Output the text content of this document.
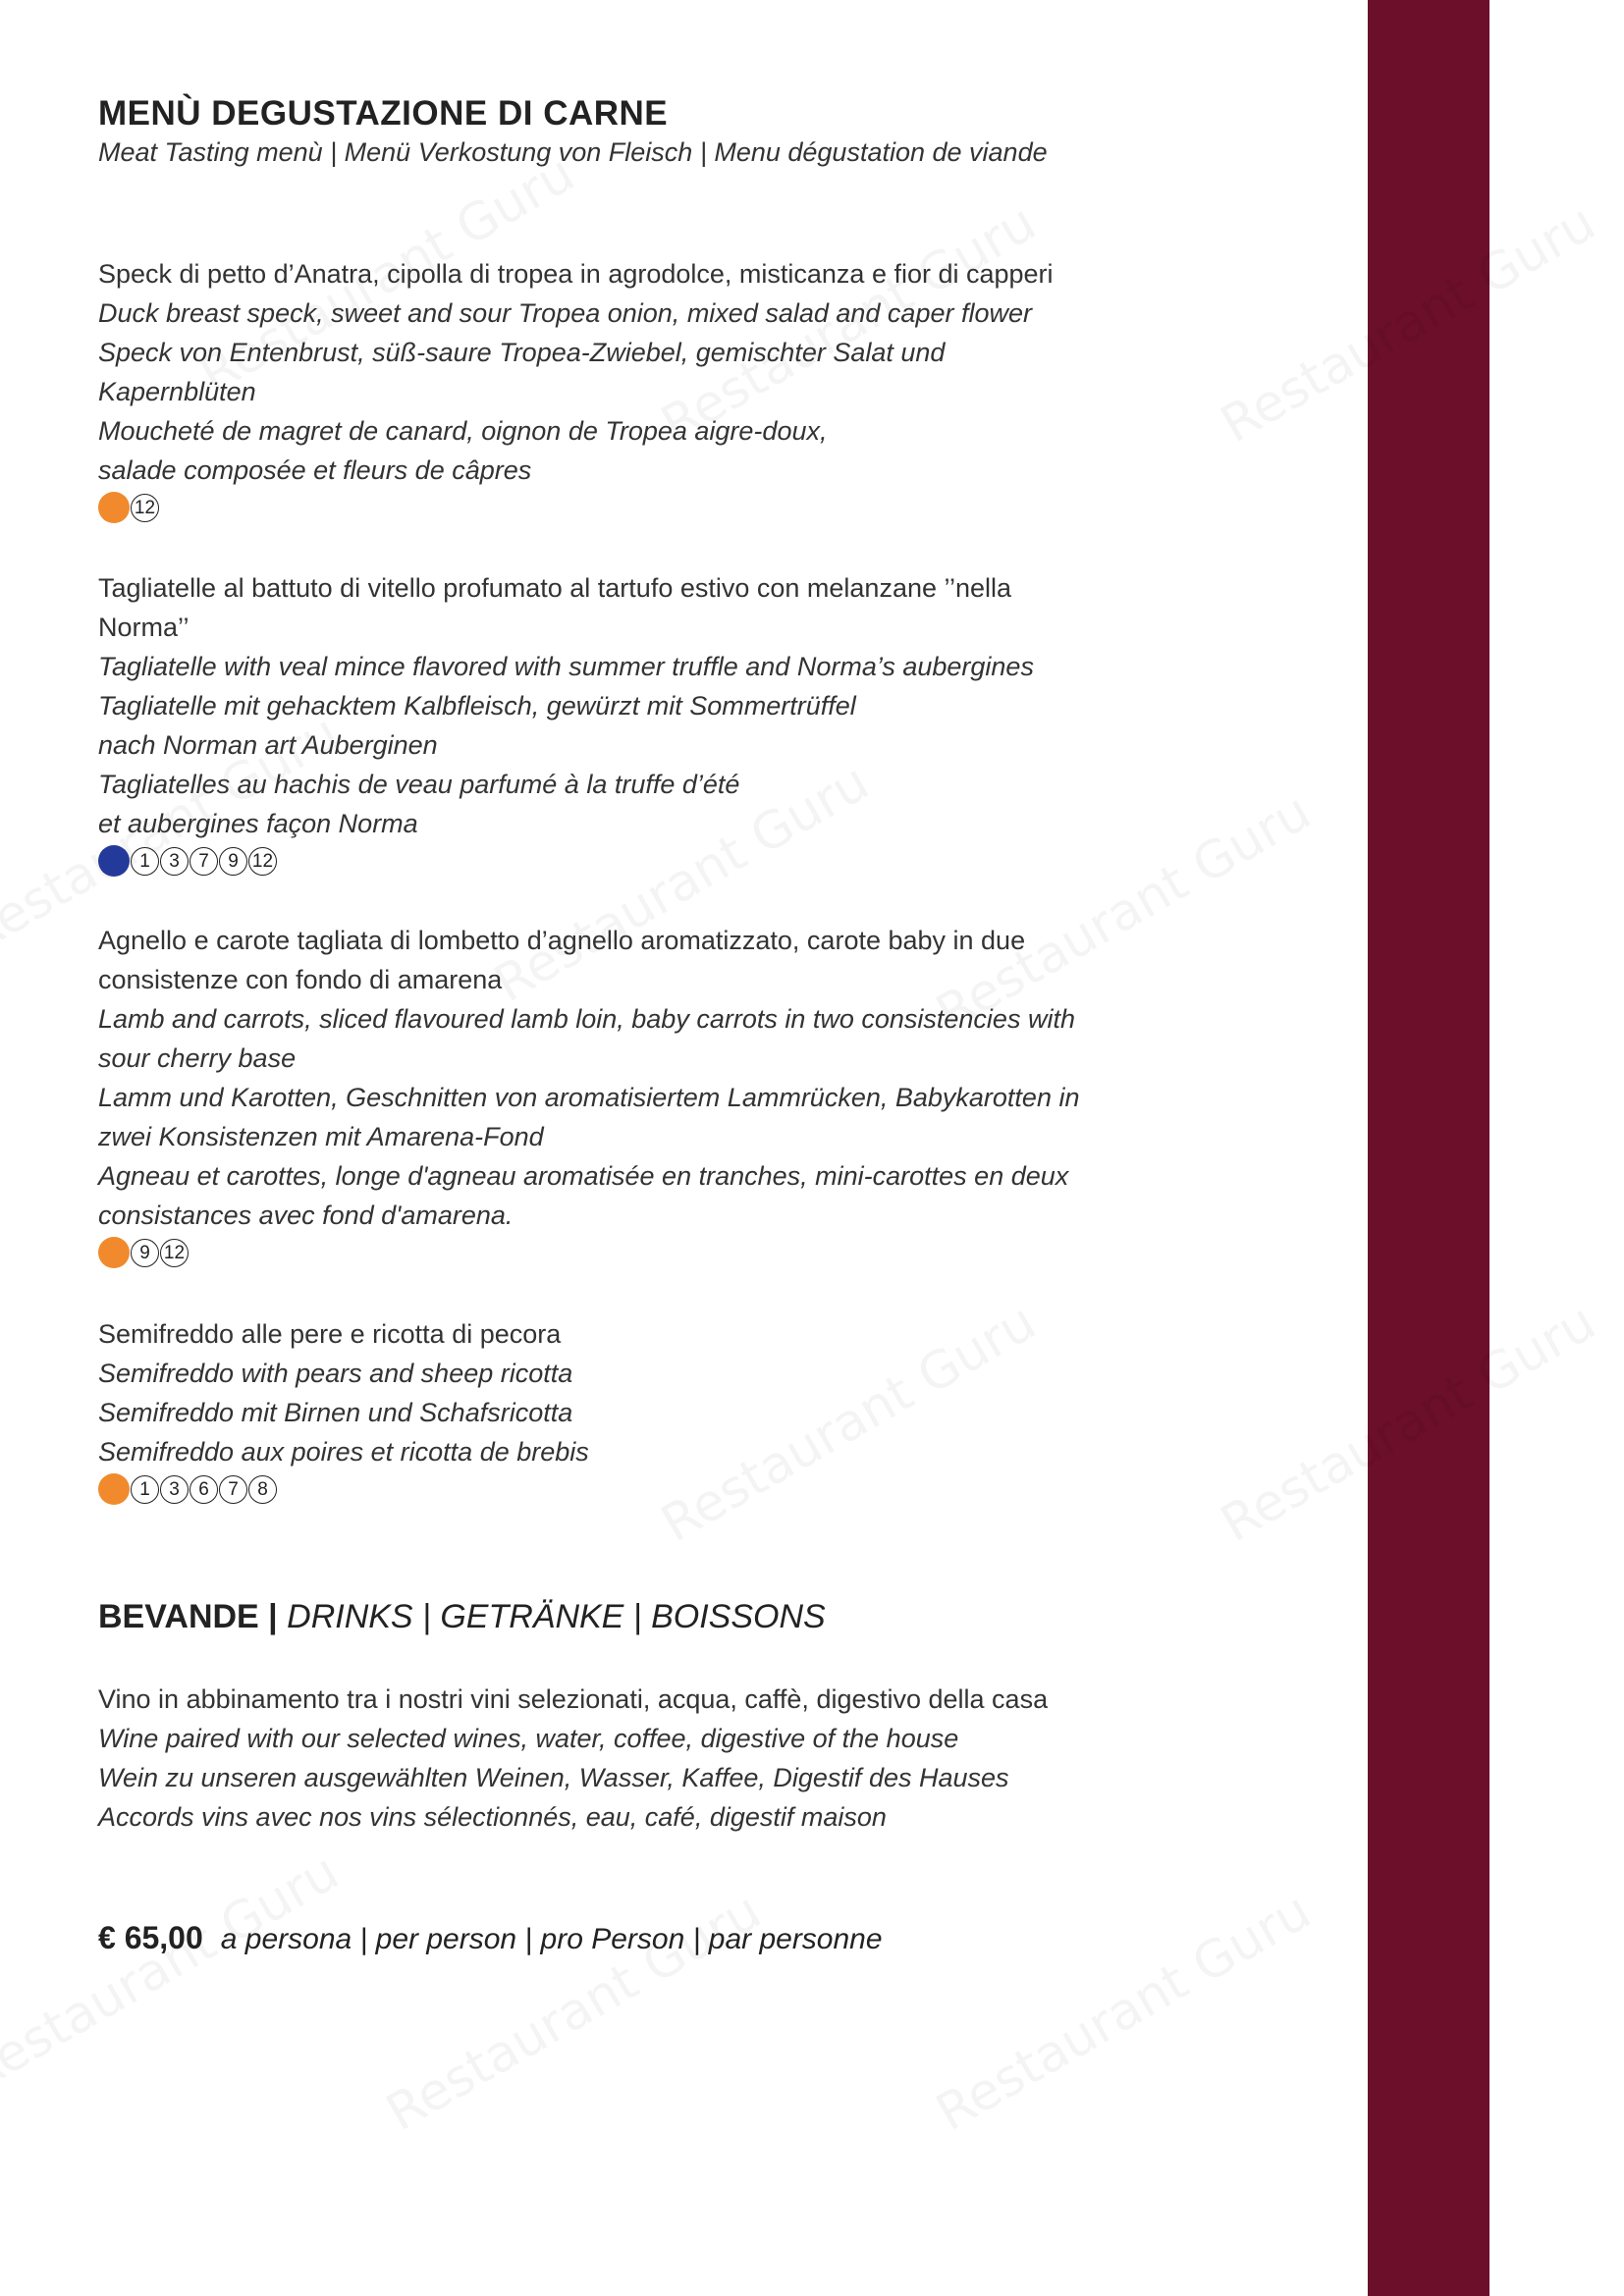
MENÙ DEGUSTAZIONE DI CARNE
Meat Tasting menù | Menü Verkostung von Fleisch | Menu dégustation de viande
Speck di petto d’Anatra, cipolla di tropea in agrodolce, misticanza e fior di capperi
Duck breast speck, sweet and sour Tropea onion, mixed salad and caper flower
Speck von Entenbrust, süß-saure Tropea-Zwiebel, gemischter Salat und
Kapernblüten
Moucheté de magret de canard, oignon de Tropea aigre-doux,
salade composée et fleurs de câpres
12
Tagliatelle al battuto di vitello profumato al tartufo estivo con melanzane ’’nella
Norma’’
Tagliatelle with veal mince flavored with summer truffle and Norma’s aubergines
Tagliatelle mit gehacktem Kalbfleisch, gewürzt mit Sommertrüffel
nach Norman art Auberginen
Tagliatelles au hachis de veau parfumé à la truffe d’été
et aubergines façon Norma
1	3	7	9 12
Agnello e carote tagliata di lombetto d’agnello aromatizzato, carote baby in due
consistenze con fondo di amarena
Lamb and carrots, sliced flavoured lamb loin, baby carrots in two consistencies with
sour cherry base
Lamm und Karotten, Geschnitten von aromatisiertem Lammrücken, Babykarotten in
zwei Konsistenzen mit Amarena-Fond
Agneau et carottes, longe d'agneau aromatisée en tranches, mini-carottes en deux
consistances avec fond d'amarena.
9 12
Semifreddo alle pere e ricotta di pecora
Semifreddo with pears and sheep ricotta
Semifreddo mit Birnen und Schafsricotta
Semifreddo aux poires et ricotta de brebis
1	3	6	7	8
BEVANDE | DRINKS | GETRÄNKE | BOISSONS
Vino in abbinamento tra i nostri vini selezionati, acqua, caffè, digestivo della casa
Wine paired with our selected wines, water, coffee, digestive of the house
Wein zu unseren ausgewählten Weinen, Wasser, Kaffee, Digestif des Hauses
Accords vins avec nos vins sélectionnés, eau, café, digestif maison
€ 65,00 a persona | per person | pro Person | par personne
